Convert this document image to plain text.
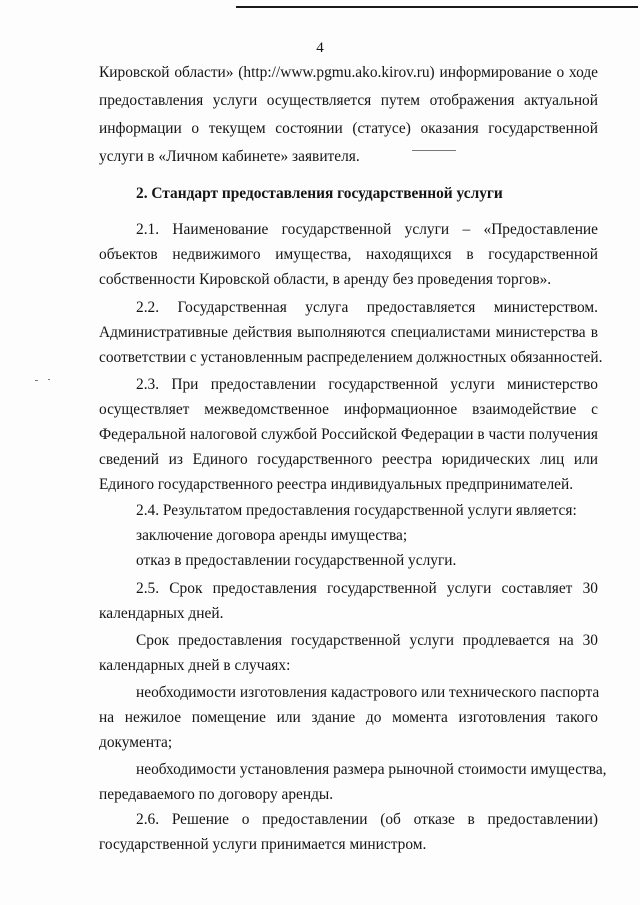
4
Кировской области» (http://www.pgmu.ako.kirov.ru) информирование о ходе
предоставления услуги осуществляется путем отображения актуальной
информации о текущем состоянии (статусе) оказания государственной
услуги в «Личном кабинете» заявителя.
2. Стандарт предоставления государственной услуги
2.1. Наименование государственной услуги – «Предоставление
объектов недвижимого имущества, находящихся в государственной
собственности Кировской области, в аренду без проведения торгов».
2.2. Государственная услуга предоставляется министерством.
Административные действия выполняются специалистами министерства в
соответствии с установленным распределением должностных обязанностей.
2.3. При предоставлении государственной услуги министерство
осуществляет межведомственное информационное взаимодействие с
Федеральной налоговой службой Российской Федерации в части получения
сведений из Единого государственного реестра юридических лиц или
Единого государственного реестра индивидуальных предпринимателей.
2.4. Результатом предоставления государственной услуги является:
заключение договора аренды имущества;
отказ в предоставлении государственной услуги.
2.5. Срок предоставления государственной услуги составляет 30
календарных дней.
Срок предоставления государственной услуги продлевается на 30
календарных дней в случаях:
необходимости изготовления кадастрового или технического паспорта
на нежилое помещение или здание до момента изготовления такого
документа;
необходимости установления размера рыночной стоимости имущества,
передаваемого по договору аренды.
2.6. Решение о предоставлении (об отказе в предоставлении)
государственной услуги принимается министром.
